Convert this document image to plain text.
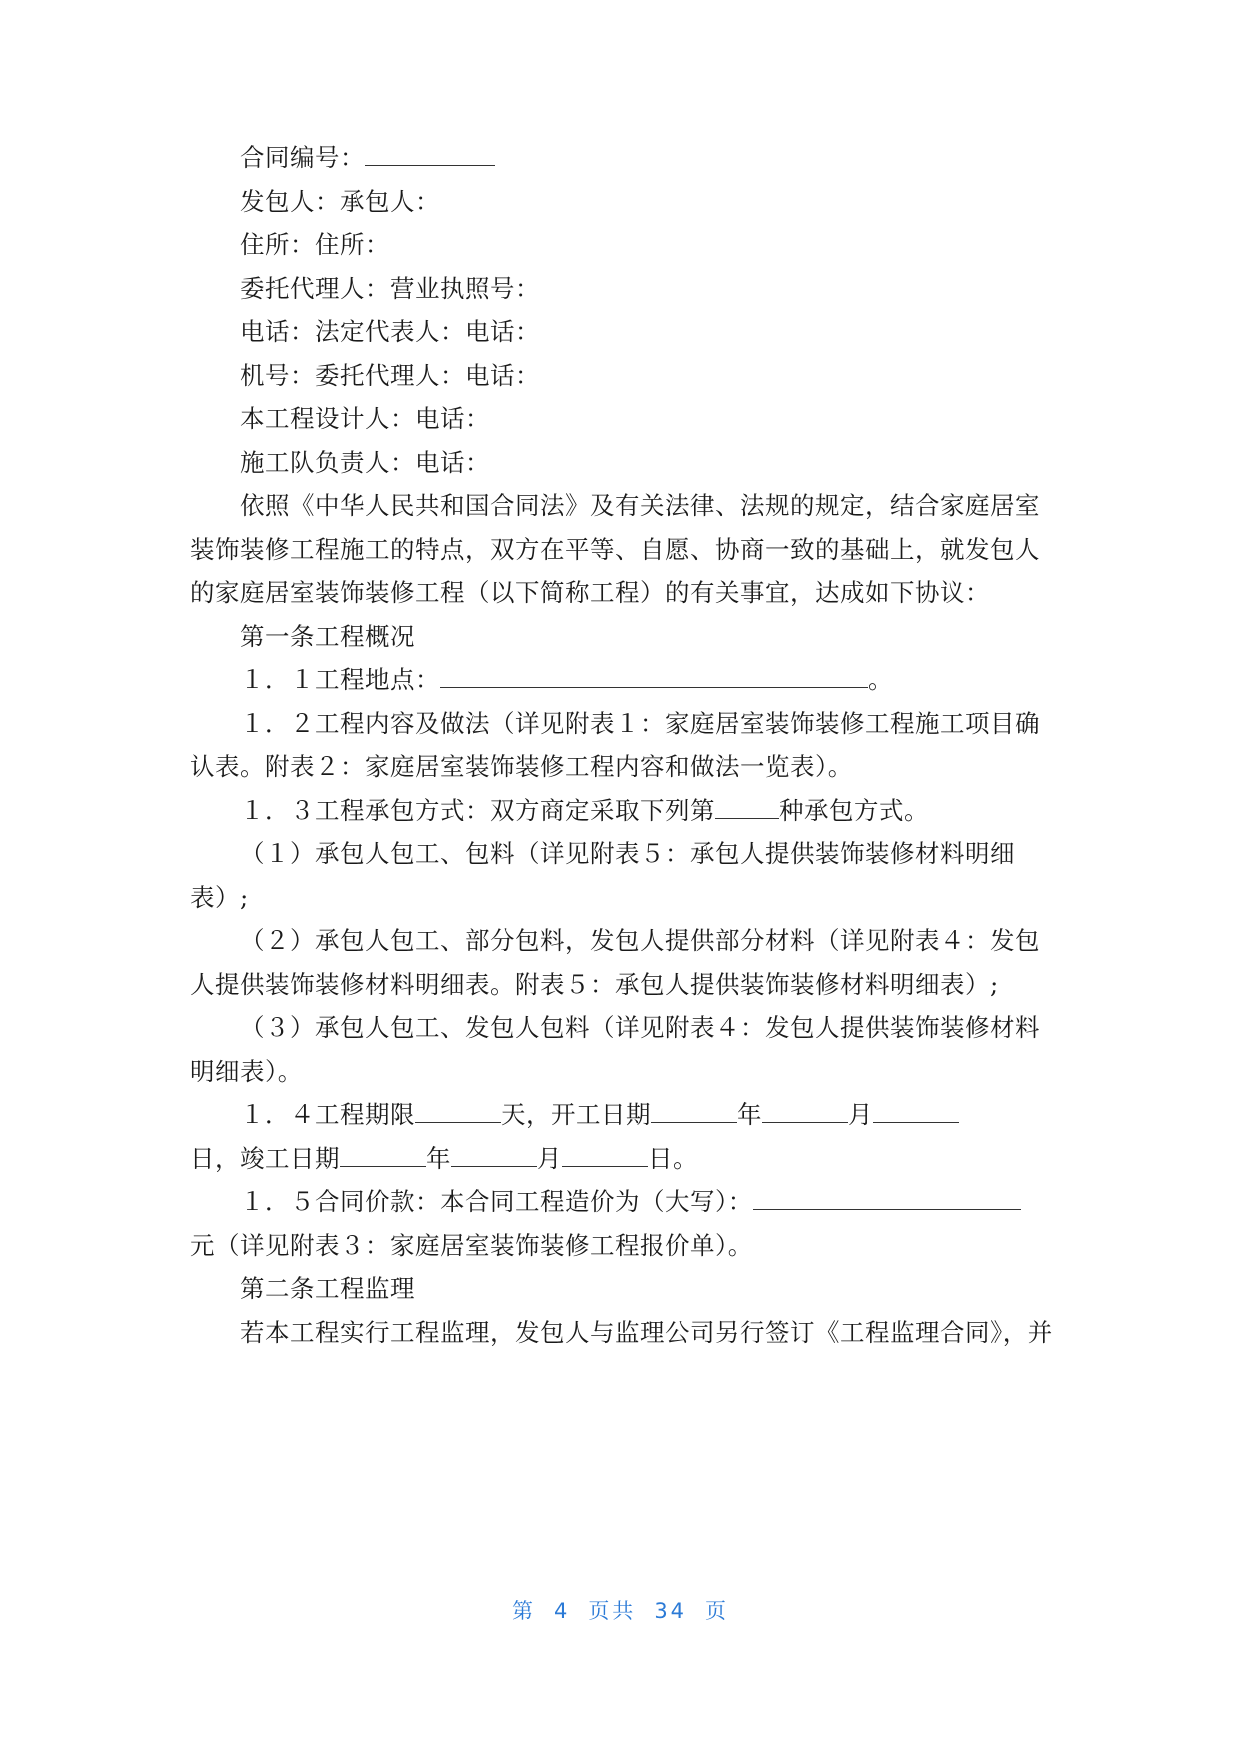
合同编号：
发包人：承包人：
住所：住所：
委托代理人：营业执照号：
电话：法定代表人：电话：
机号：委托代理人：电话：
本工程设计人：电话：
施工队负责人：电话：
依照《中华人民共和国合同法》及有关法律、法规的规定，结合家庭居室
装饰装修工程施工的特点，双方在平等、自愿、协商一致的基础上，就发包人
的家庭居室装饰装修工程（以下简称工程）的有关事宜，达成如下协议：
第一条工程概况
１．１工程地点：	。
１．２工程内容及做法（详见附表１：家庭居室装饰装修工程施工项目确
认表。附表２：家庭居室装饰装修工程内容和做法一览表）。
１．３工程承包方式：双方商定采取下列第	种承包方式。
（１）承包人包工、包料（详见附表５：承包人提供装饰装修材料明细
表）;
（２）承包人包工、部分包料，发包人提供部分材料（详见附表４：发包
人提供装饰装修材料明细表。附表５：承包人提供装饰装修材料明细表）;
（３）承包人包工、发包人包料（详见附表４：发包人提供装饰装修材料
明细表）。
１．４工程期限	天，开工日期	年	月
日，竣工日期	年	月	日。
１．５合同价款：本合同工程造价为（大写）：
元（详见附表３：家庭居室装饰装修工程报价单）。
第二条工程监理
若本工程实行工程监理，发包人与监理公司另行签订《工程监理合同》，并
第 4 页共 34 页
